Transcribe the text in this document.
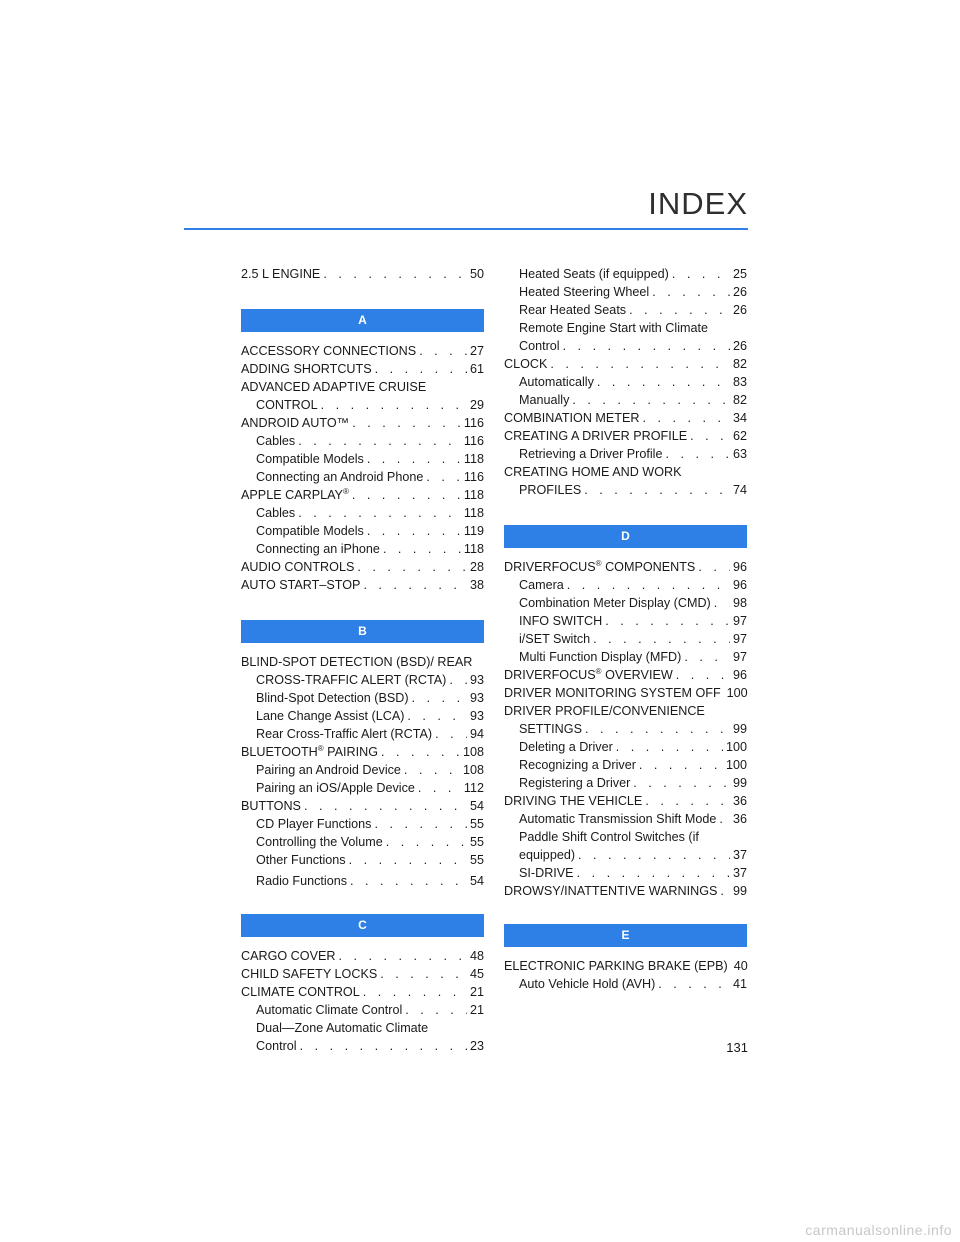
INDEX
2.5 L ENGINE . . .	50
A
ACCESSORY CONNECTIONS . . .	27
ADDING SHORTCUTS . . .	61
ADVANCED ADAPTIVE CRUISE
CONTROL . . .	29
ANDROID AUTO™ . . .	116
Cables . . .	116
Compatible Models . . .	118
Connecting an Android Phone . . .	116
APPLE CARPLAY® . . .	118
Cables . . .	118
Compatible Models . . .	119
Connecting an iPhone . . .	118
AUDIO CONTROLS . . .	28
AUTO START–STOP . . .	38
B
BLIND-SPOT DETECTION (BSD)/ REAR
CROSS-TRAFFIC ALERT (RCTA) . . . 93
Blind-Spot Detection (BSD) . . .	93
Lane Change Assist (LCA) . . .	93
Rear Cross-Traffic Alert (RCTA) . . .	94
BLUETOOTH® PAIRING . . .	108
Pairing an Android Device . . .	108
Pairing an iOS/Apple Device . . .	112
BUTTONS . . .	54
CD Player Functions . . .	55
Controlling the Volume . . .	55
Other Functions . . .	55
Radio Functions . . .	54
C
CARGO COVER . . .	48
CHILD SAFETY LOCKS . . .	45
CLIMATE CONTROL . . .	21
Automatic Climate Control . . .	21
Dual—Zone Automatic Climate
Control . . .	23
Heated Seats (if equipped) . . .	25
Heated Steering Wheel . . .	26
Rear Heated Seats . . .	26
Remote Engine Start with Climate
Control . . .	26
CLOCK . . .	82
Automatically . . .	83
Manually . . .	82
COMBINATION METER . . .	34
CREATING A DRIVER PROFILE . . .	62
Retrieving a Driver Profile . . .	63
CREATING HOME AND WORK
PROFILES . . .	74
D
DRIVERFOCUS® COMPONENTS . . .	96
Camera . . .	96
Combination Meter Display (CMD) . . . 98
INFO SWITCH . . .	97
i/SET Switch . . .	97
Multi Function Display (MFD) . . .	97
DRIVERFOCUS® OVERVIEW . . .	96
DRIVER MONITORING SYSTEM OFF 100
DRIVER PROFILE/CONVENIENCE
SETTINGS . . .	99
Deleting a Driver . . .	100
Recognizing a Driver . . .	100
Registering a Driver . . .	99
DRIVING THE VEHICLE . . .	36
Automatic Transmission Shift Mode . . . 36
Paddle Shift Control Switches (if
equipped) . . .	37
SI-DRIVE . . .	37
DROWSY/INATTENTIVE WARNINGS . . . 99
E
ELECTRONIC PARKING BRAKE (EPB) 40
Auto Vehicle Hold (AVH) . . .	41
131
carmanualsonline.info
